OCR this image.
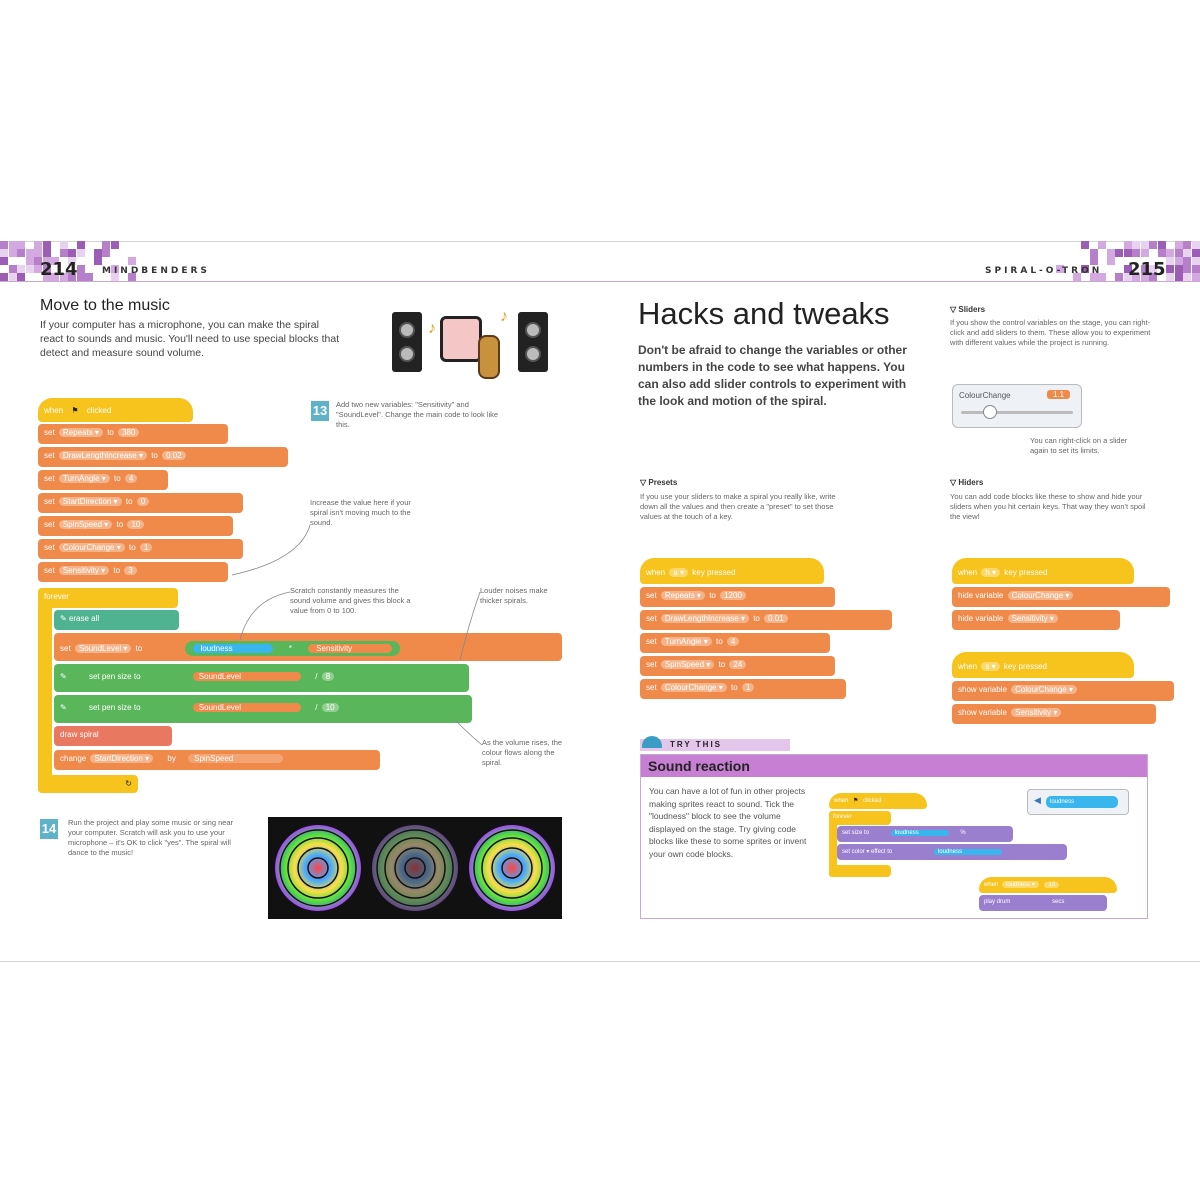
214	MINDBENDERS	SPIRAL-O-TRON 215
Move to the music
If your computer has a microphone, you can make the spiral react to sounds and music. You'll need to use special blocks that detect and measure sound volume.
♪
♪
when ⚑ clicked
set Repeats ▾ to 380
set DrawLengthIncrease ▾ to 0.02
set TurnAngle ▾ to 4
set StartDirection ▾ to 0
set SpinSpeed ▾ to 10
set ColourChange ▾ to 1
set Sensitivity ▾ to 3
forever
✎ erase all
set SoundLevel ▾ to	loudness	*	Sensitivity
✎	set pen size to	SoundLevel	/ 8
✎	set pen size to	SoundLevel	/ 10
draw spiral
change StartDirection ▾ by SpinSpeed
↻
13 Add two new variables: "Sensitivity" and "SoundLevel". Change the main code to look like this.
Increase the value here if your spiral isn't moving much to the sound.
Scratch constantly measures the sound volume and gives this block a value from 0 to 100.
Louder noises make thicker spirals.
As the volume rises, the colour flows along the spiral.
14 Run the project and play some music or sing near your computer. Scratch will ask you to use your microphone – it's OK to click "yes". The spiral will dance to the music!
Hacks and tweaks
Don't be afraid to change the variables or other numbers in the code to see what happens. You can also add slider controls to experiment with the look and motion of the spiral.
▽ Sliders
If you show the control variables on the stage, you can right-click and add sliders to them. These allow you to experiment with different values while the project is running.
ColourChange	1.1
You can right-click on a slider again to set its limits.
▽ Presets
If you use your sliders to make a spiral you really like, write down all the values and then create a "preset" to set those values at the touch of a key.
▽ Hiders
You can add code blocks like these to show and hide your sliders when you hit certain keys. That way they won't spoil the view!
when a ▾ key pressed
set Repeats ▾ to 1200
set DrawLengthIncrease ▾ to 0.01
set TurnAngle ▾ to 4
set SpinSpeed ▾ to 24
set ColourChange ▾ to 1
when h ▾ key pressed
hide variable ColourChange ▾
hide variable Sensitivity ▾
when s ▾ key pressed
show variable ColourChange ▾
show variable Sensitivity ▾
TRY THIS
Sound reaction
You can have a lot of fun in other projects making sprites react to sound. Tick the "loudness" block to see the volume displayed on the stage. Try giving code blocks like these to some sprites or invent your own code blocks.
when ⚑ clicked
forever
set size to	loudness	%
set color ▾ effect to	loudness
when loudness ▾ 10
play drum	secs
◀	loudness
